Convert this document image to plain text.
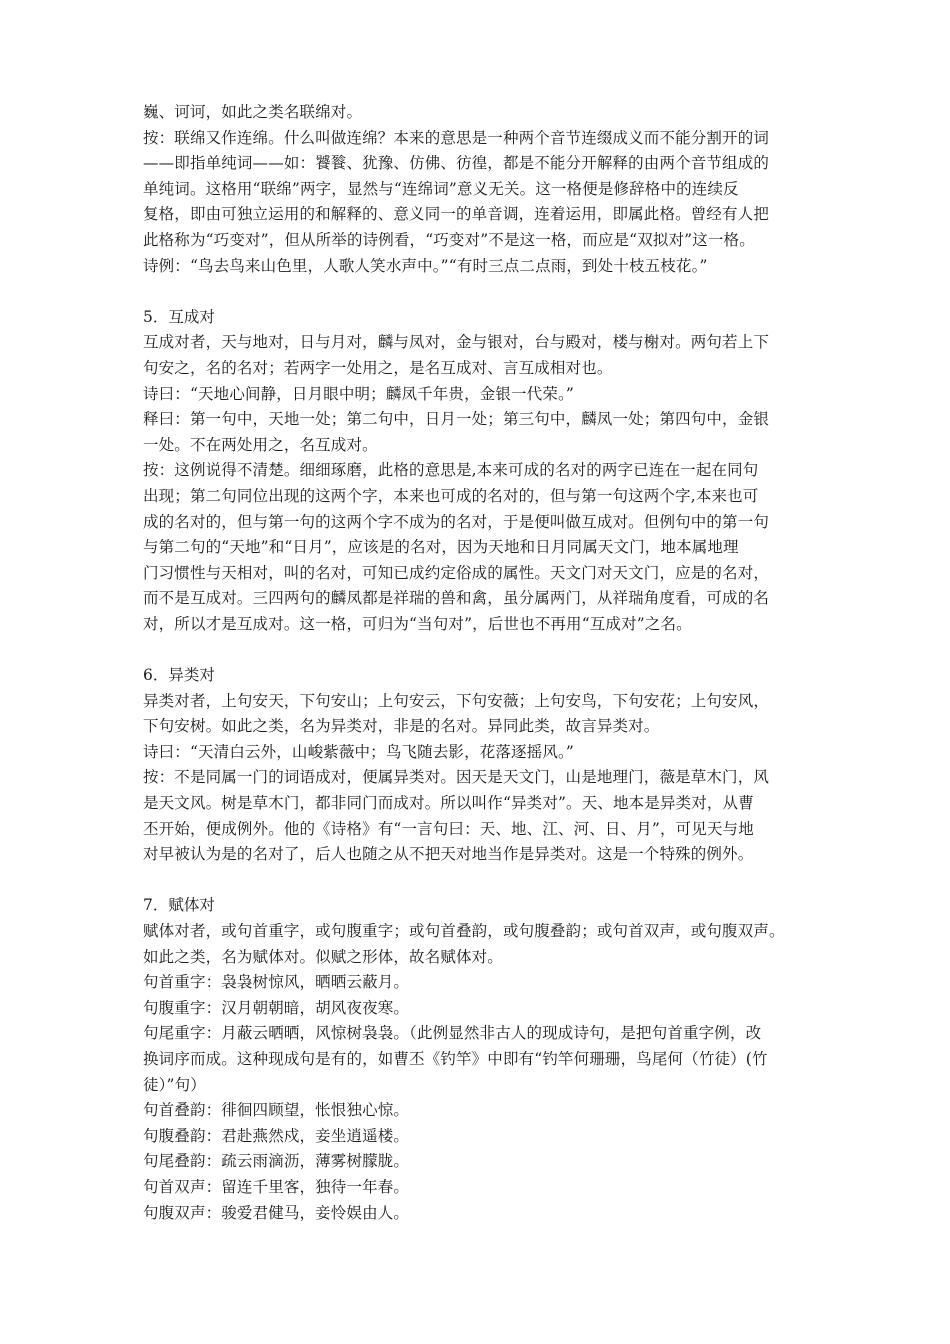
巍、诃诃，如此之类名联绵对。
按：联绵又作连绵。什么叫做连绵？本来的意思是一种两个音节连缀成义而不能分割开的词
——即指单纯词——如：饕餮、犹豫、仿佛、彷徨，都是不能分开解释的由两个音节组成的
单纯词。这格用“联绵”两字，显然与“连绵词”意义无关。这一格便是修辞格中的连续反
复格，即由可独立运用的和解释的、意义同一的单音调，连着运用，即属此格。曾经有人把
此格称为“巧变对”，但从所举的诗例看，“巧变对”不是这一格，而应是“双拟对”这一格。
诗例：“鸟去鸟来山色里，人歌人笑水声中。”“有时三点二点雨，到处十枝五枝花。”
5．互成对
互成对者，天与地对，日与月对，麟与凤对，金与银对，台与殿对，楼与榭对。两句若上下
句安之，名的名对；若两字一处用之，是名互成对、言互成相对也。
诗曰：“天地心间静，日月眼中明；麟凤千年贵，金银一代荣。”
释曰：第一句中，天地一处；第二句中，日月一处；第三句中，麟凤一处；第四句中，金银
一处。不在两处用之，名互成对。
按：这例说得不清楚。细细琢磨，此格的意思是,本来可成的名对的两字已连在一起在同句
出现；第二句同位出现的这两个字，本来也可成的名对的，但与第一句这两个字,本来也可
成的名对的，但与第一句的这两个字不成为的名对，于是便叫做互成对。但例句中的第一句
与第二句的“天地”和“日月”，应该是的名对，因为天地和日月同属天文门，地本属地理
门习惯性与天相对，叫的名对，可知已成约定俗成的属性。天文门对天文门，应是的名对，
而不是互成对。三四两句的麟凤都是祥瑞的兽和禽，虽分属两门，从祥瑞角度看，可成的名
对，所以才是互成对。这一格，可归为“当句对”，后世也不再用“互成对”之名。
6．异类对
异类对者，上句安天，下句安山；上句安云，下句安薇；上句安鸟，下句安花；上句安风，
下句安树。如此之类，名为异类对，非是的名对。异同此类，故言异类对。
诗曰：“天清白云外，山峻紫薇中；鸟飞随去影，花落逐摇风。”
按：不是同属一门的词语成对，便属异类对。因天是天文门，山是地理门，薇是草木门，风
是天文风。树是草木门，都非同门而成对。所以叫作“异类对”。天、地本是异类对，从曹
丕开始，便成例外。他的《诗格》有“一言句曰：天、地、江、河、日、月”，可见天与地
对早被认为是的名对了，后人也随之从不把天对地当作是异类对。这是一个特殊的例外。
7．赋体对
赋体对者，或句首重字，或句腹重字；或句首叠韵，或句腹叠韵；或句首双声，或句腹双声。
如此之类，名为赋体对。似赋之形体，故名赋体对。
句首重字：袅袅树惊风，晒晒云蔽月。
句腹重字：汉月朝朝暗，胡风夜夜寒。
句尾重字：月蔽云晒晒，风惊树袅袅。（此例显然非古人的现成诗句，是把句首重字例，改
换词序而成。这种现成句是有的，如曹丕《钓竿》中即有“钓竿何珊珊，鸟尾何（竹徒）(竹
徒）”句）
句首叠韵：徘徊四顾望，怅恨独心惊。
句腹叠韵：君赴燕然戍，妾坐逍遥楼。
句尾叠韵：疏云雨滴沥，薄雾树朦胧。
句首双声：留连千里客，独待一年春。
句腹双声：骏爱君健马，妾怜娱由人。
